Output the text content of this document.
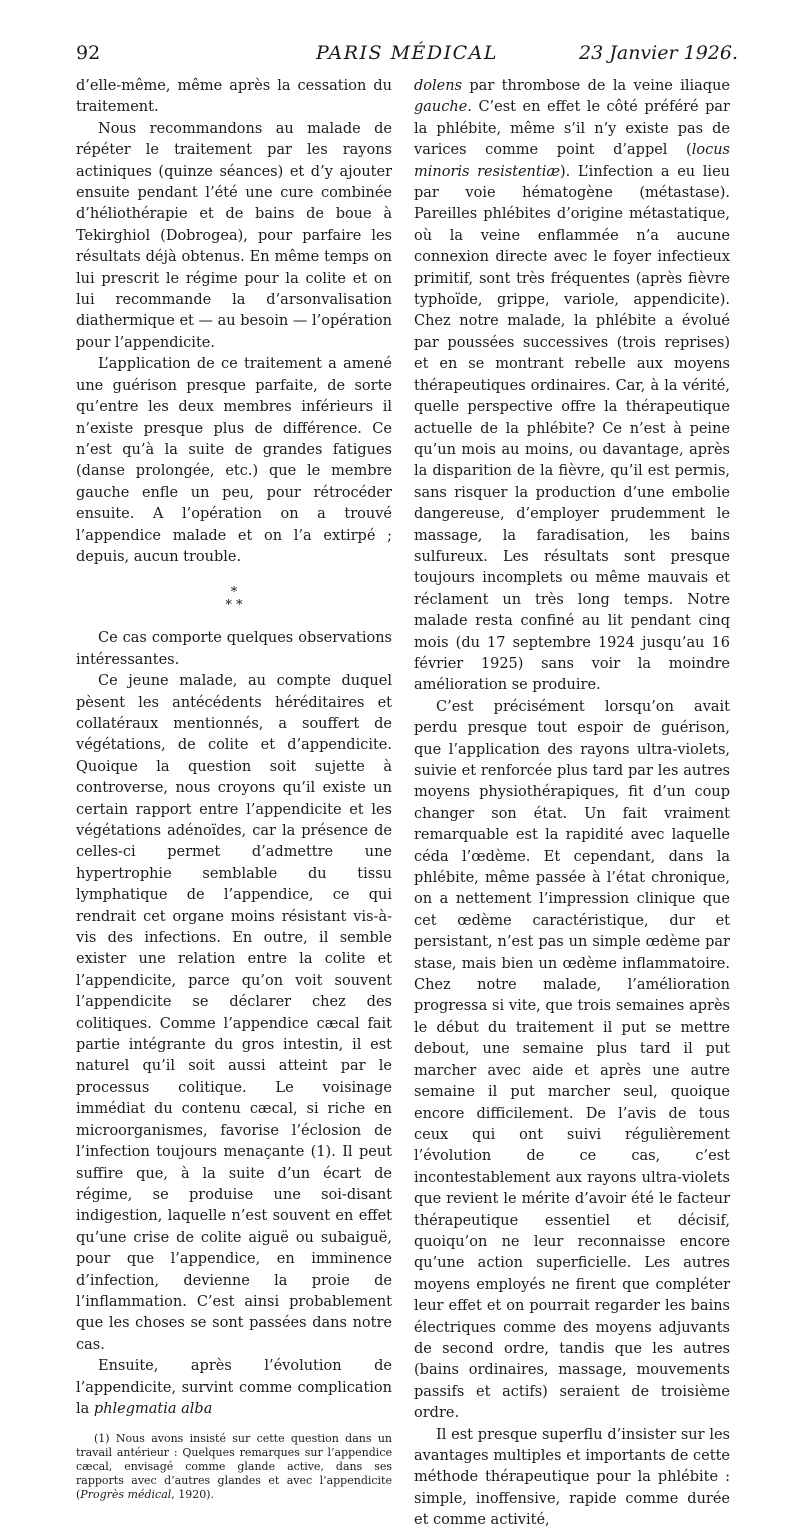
92	PARIS MÉDICAL	23 Janvier 1926.

d’elle-même, même après la cessation du traitement.

Nous recommandons au malade de répéter le traitement par les rayons actiniques (quinze séances) et d’y ajouter ensuite pendant l’été une cure combinée d’héliothérapie et de bains de boue à Tekirghiol (Dobrogea), pour parfaire les résultats déjà obtenus. En même temps on lui prescrit le régime pour la colite et on lui recommande la d’arsonvalisation diathermique et — au besoin — l’opération pour l’appendicite.

L’application de ce traitement a amené une guérison presque parfaite, de sorte qu’entre les deux membres inférieurs il n’existe presque plus de différence. Ce n’est qu’à la suite de grandes fatigues (danse prolongée, etc.) que le membre gauche enfle un peu, pour rétrocéder ensuite. A l’opération on a trouvé l’appendice malade et on l’a extirpé ; depuis, aucun trouble.

*
* *

Ce cas comporte quelques observations intéressantes.

Ce jeune malade, au compte duquel pèsent les antécédents héréditaires et collatéraux mentionnés, a souffert de végétations, de colite et d’appendicite. Quoique la question soit sujette à controverse, nous croyons qu’il existe un certain rapport entre l’appendicite et les végétations adénoïdes, car la présence de celles-ci permet d’admettre une hypertrophie semblable du tissu lymphatique de l’appendice, ce qui rendrait cet organe moins résistant vis-à-vis des infections. En outre, il semble exister une relation entre la colite et l’appendicite, parce qu’on voit souvent l’appendicite se déclarer chez des colitiques. Comme l’appendice cæcal fait partie intégrante du gros intestin, il est naturel qu’il soit aussi atteint par le processus colitique. Le voisinage immédiat du contenu cæcal, si riche en microorganismes, favorise l’éclosion de l’infection toujours menaçante (1). Il peut suffire que, à la suite d’un écart de régime, se produise une soi-disant indigestion, laquelle n’est souvent en effet qu’une crise de colite aiguë ou subaiguë, pour que l’appendice, en imminence d’infection, devienne la proie de l’inflammation. C’est ainsi probablement que les choses se sont passées dans notre cas.

Ensuite, après l’évolution de l’appendicite, survint comme complication la phlegmatia alba

(1) Nous avons insisté sur cette question dans un travail antérieur : Quelques remarques sur l’appendice cæcal, envisagé comme glande active, dans ses rapports avec d’autres glandes et avec l’appendicite (Progrès médical, 1920).

dolens par thrombose de la veine iliaque gauche. C’est en effet le côté préféré par la phlébite, même s’il n’y existe pas de varices comme point d’appel (locus minoris resistentiæ). L’infection a eu lieu par voie hématogène (métastase). Pareilles phlébites d’origine métastatique, où la veine enflammée n’a aucune connexion directe avec le foyer infectieux primitif, sont très fréquentes (après fièvre typhoïde, grippe, variole, appendicite). Chez notre malade, la phlébite a évolué par poussées successives (trois reprises) et en se montrant rebelle aux moyens thérapeutiques ordinaires. Car, à la vérité, quelle perspective offre la thérapeutique actuelle de la phlébite? Ce n’est à peine qu’un mois au moins, ou davantage, après la disparition de la fièvre, qu’il est permis, sans risquer la production d’une embolie dangereuse, d’employer prudemment le massage, la faradisation, les bains sulfureux. Les résultats sont presque toujours incomplets ou même mauvais et réclament un très long temps. Notre malade resta confiné au lit pendant cinq mois (du 17 septembre 1924 jusqu’au 16 février 1925) sans voir la moindre amélioration se produire.

C’est précisément lorsqu’on avait perdu presque tout espoir de guérison, que l’application des rayons ultra-violets, suivie et renforcée plus tard par les autres moyens physiothérapiques, fit d’un coup changer son état. Un fait vraiment remarquable est la rapidité avec laquelle céda l’œdème. Et cependant, dans la phlébite, même passée à l’état chronique, on a nettement l’impression clinique que cet œdème caractéristique, dur et persistant, n’est pas un simple œdème par stase, mais bien un œdème inflammatoire. Chez notre malade, l’amélioration progressa si vite, que trois semaines après le début du traitement il put se mettre debout, une semaine plus tard il put marcher avec aide et après une autre semaine il put marcher seul, quoique encore difficilement. De l’avis de tous ceux qui ont suivi régulièrement l’évolution de ce cas, c’est incontestablement aux rayons ultra-violets que revient le mérite d’avoir été le facteur thérapeutique essentiel et décisif, quoiqu’on ne leur reconnaisse encore qu’une action superficielle. Les autres moyens employés ne firent que compléter leur effet et on pourrait regarder les bains électriques comme des moyens adjuvants de second ordre, tandis que les autres (bains ordinaires, massage, mouvements passifs et actifs) seraient de troisième ordre.

Il est presque superflu d’insister sur les avantages multiples et importants de cette méthode thérapeutique pour la phlébite : simple, inoffensive, rapide comme durée et comme activité,
